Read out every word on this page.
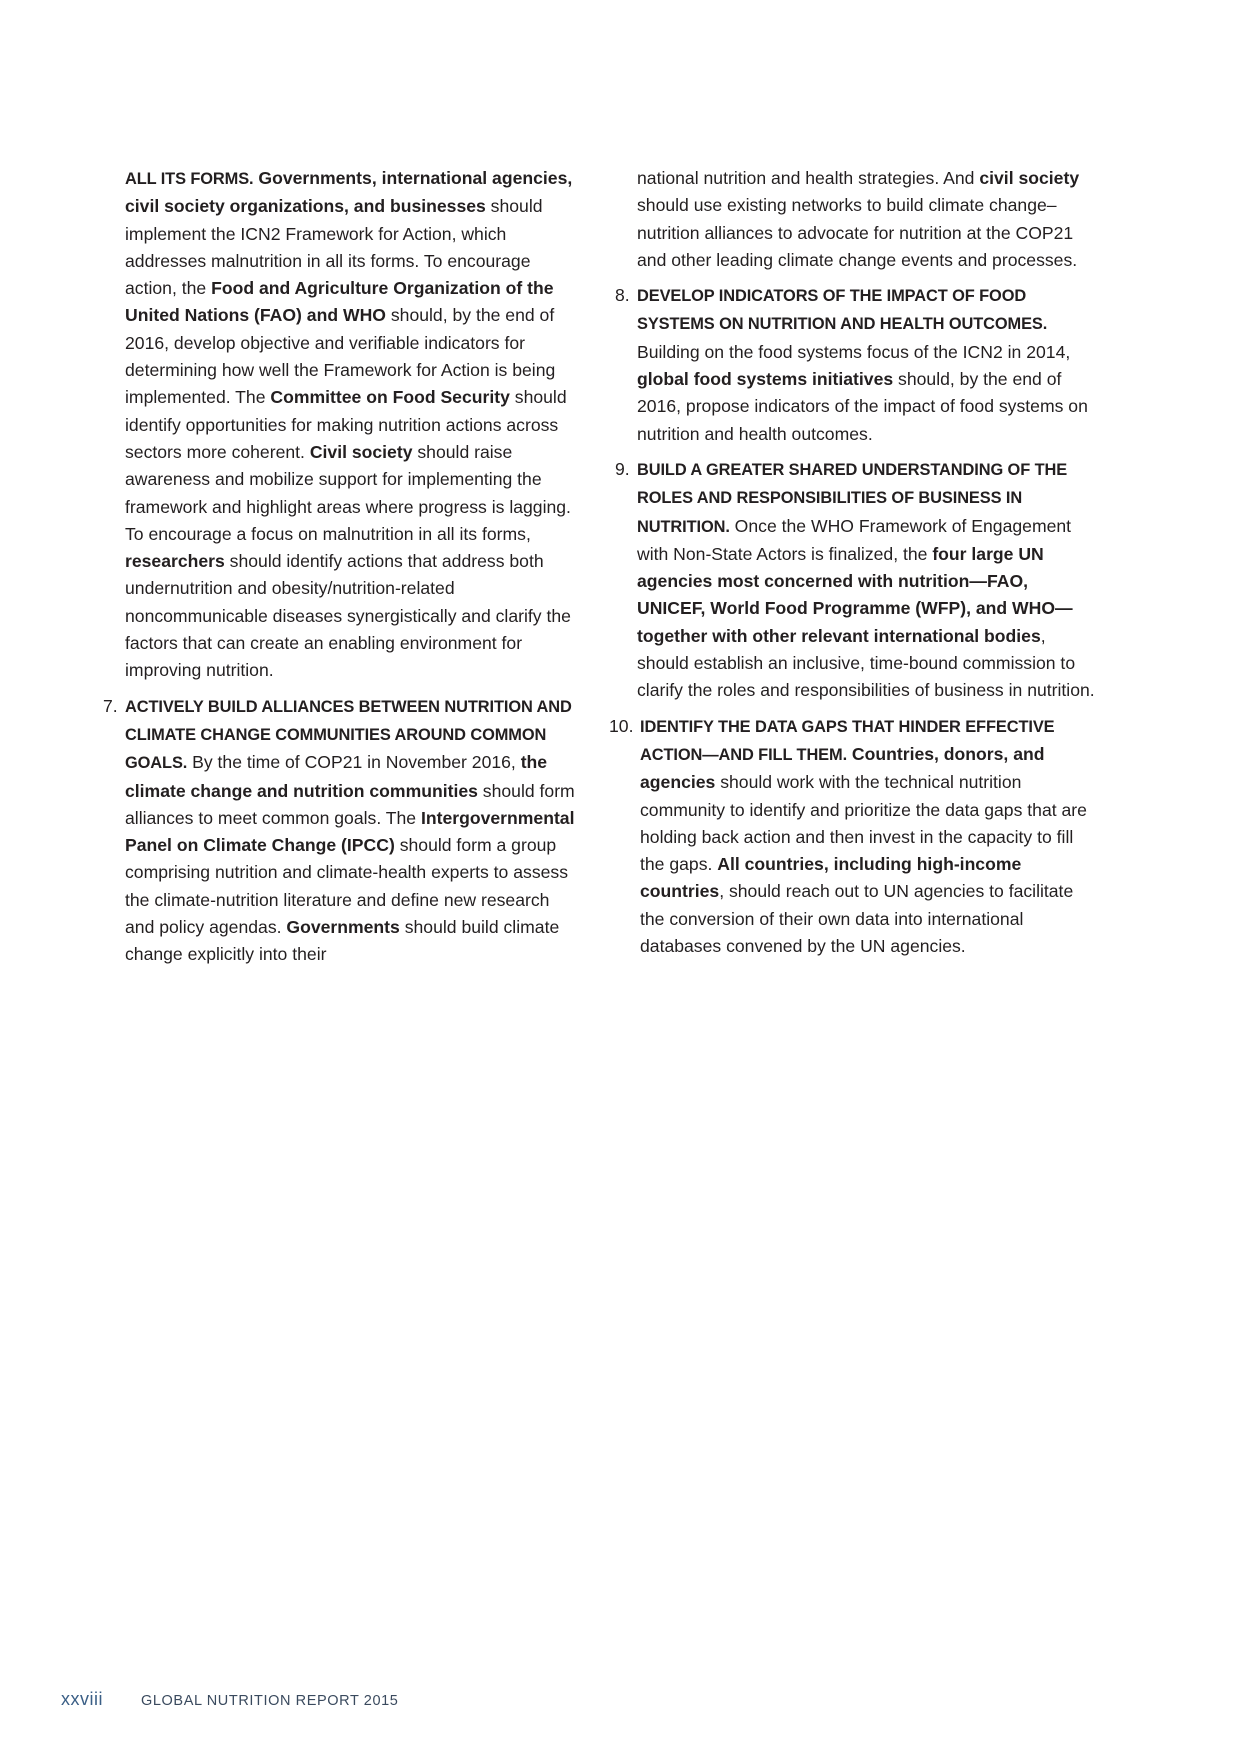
ALL ITS FORMS. Governments, international agencies, civil society organizations, and businesses should implement the ICN2 Framework for Action, which addresses malnutrition in all its forms. To encourage action, the Food and Agriculture Organization of the United Nations (FAO) and WHO should, by the end of 2016, develop objective and verifiable indicators for determining how well the Framework for Action is being implemented. The Committee on Food Security should identify opportunities for making nutrition actions across sectors more coherent. Civil society should raise awareness and mobilize support for implementing the framework and highlight areas where progress is lagging. To encourage a focus on malnutrition in all its forms, researchers should identify actions that address both undernutrition and obesity/nutrition-related noncommunicable diseases synergistically and clarify the factors that can create an enabling environment for improving nutrition.

7. ACTIVELY BUILD ALLIANCES BETWEEN NUTRITION AND CLIMATE CHANGE COMMUNITIES AROUND COMMON GOALS. By the time of COP21 in November 2016, the climate change and nutrition communities should form alliances to meet common goals. The Intergovernmental Panel on Climate Change (IPCC) should form a group comprising nutrition and climate-health experts to assess the climate-nutrition literature and define new research and policy agendas. Governments should build climate change explicitly into their

national nutrition and health strategies. And civil society should use existing networks to build climate change–nutrition alliances to advocate for nutrition at the COP21 and other leading climate change events and processes.

8. DEVELOP INDICATORS OF THE IMPACT OF FOOD SYSTEMS ON NUTRITION AND HEALTH OUTCOMES. Building on the food systems focus of the ICN2 in 2014, global food systems initiatives should, by the end of 2016, propose indicators of the impact of food systems on nutrition and health outcomes.

9. BUILD A GREATER SHARED UNDERSTANDING OF THE ROLES AND RESPONSIBILITIES OF BUSINESS IN NUTRITION. Once the WHO Framework of Engagement with Non-State Actors is finalized, the four large UN agencies most concerned with nutrition—FAO, UNICEF, World Food Programme (WFP), and WHO—together with other relevant international bodies, should establish an inclusive, time-bound commission to clarify the roles and responsibilities of business in nutrition.

10. IDENTIFY THE DATA GAPS THAT HINDER EFFECTIVE ACTION—AND FILL THEM. Countries, donors, and agencies should work with the technical nutrition community to identify and prioritize the data gaps that are holding back action and then invest in the capacity to fill the gaps. All countries, including high-income countries, should reach out to UN agencies to facilitate the conversion of their own data into international databases convened by the UN agencies.

xxviii	GLOBAL NUTRITION REPORT 2015
